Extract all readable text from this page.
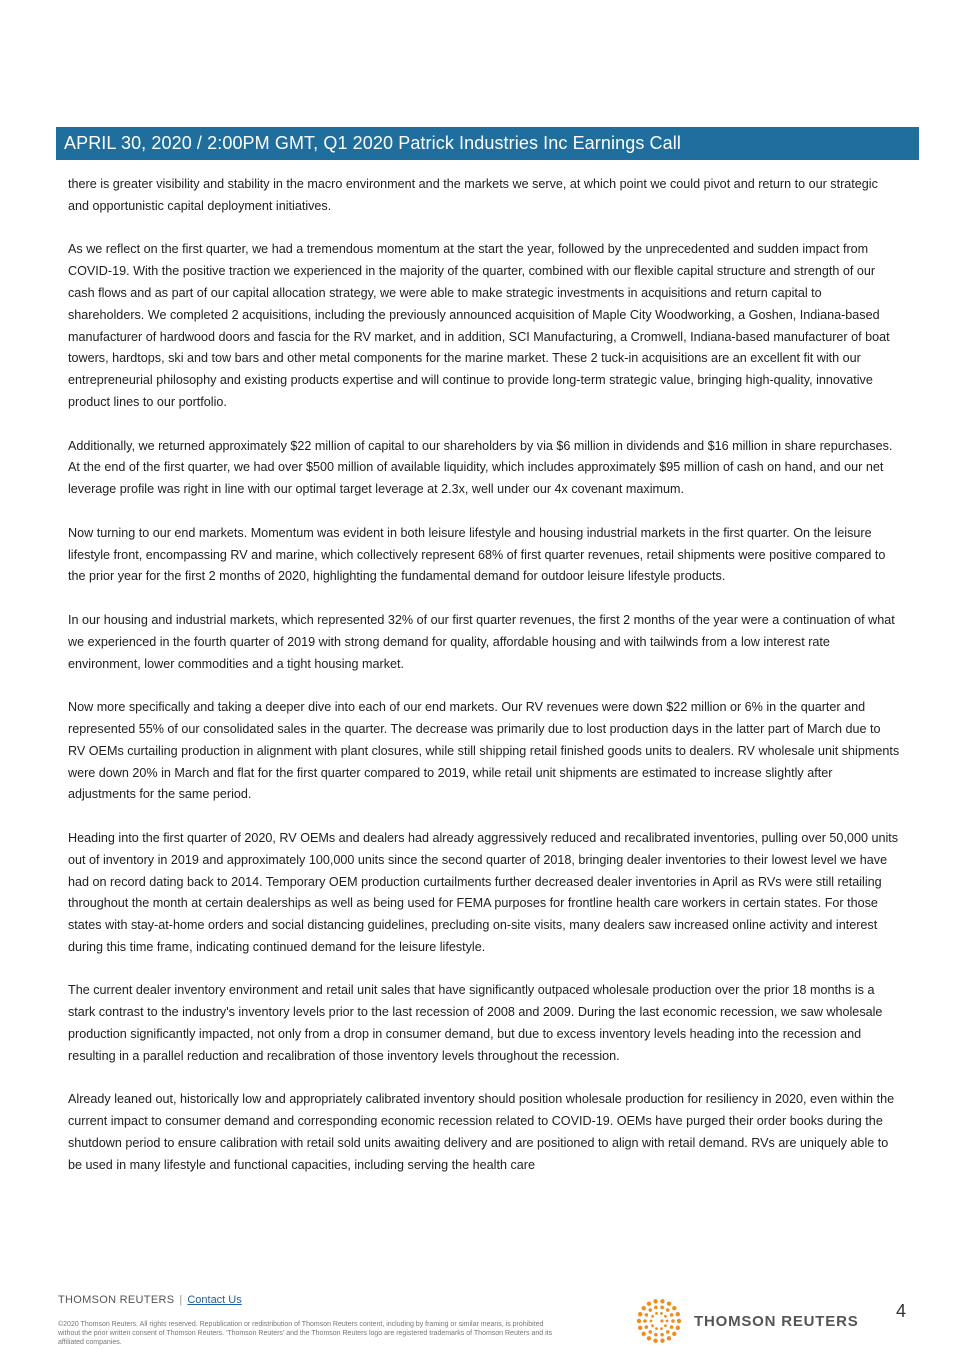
APRIL 30, 2020 / 2:00PM GMT, Q1 2020 Patrick Industries Inc Earnings Call

there is greater visibility and stability in the macro environment and the markets we serve, at which point we could pivot and return to our strategic and opportunistic capital deployment initiatives.

As we reflect on the first quarter, we had a tremendous momentum at the start the year, followed by the unprecedented and sudden impact from COVID-19. With the positive traction we experienced in the majority of the quarter, combined with our flexible capital structure and strength of our cash flows and as part of our capital allocation strategy, we were able to make strategic investments in acquisitions and return capital to shareholders. We completed 2 acquisitions, including the previously announced acquisition of Maple City Woodworking, a Goshen, Indiana-based manufacturer of hardwood doors and fascia for the RV market, and in addition, SCI Manufacturing, a Cromwell, Indiana-based manufacturer of boat towers, hardtops, ski and tow bars and other metal components for the marine market. These 2 tuck-in acquisitions are an excellent fit with our entrepreneurial philosophy and existing products expertise and will continue to provide long-term strategic value, bringing high-quality, innovative product lines to our portfolio.

Additionally, we returned approximately $22 million of capital to our shareholders by via $6 million in dividends and $16 million in share repurchases. At the end of the first quarter, we had over $500 million of available liquidity, which includes approximately $95 million of cash on hand, and our net leverage profile was right in line with our optimal target leverage at 2.3x, well under our 4x covenant maximum.

Now turning to our end markets. Momentum was evident in both leisure lifestyle and housing industrial markets in the first quarter. On the leisure lifestyle front, encompassing RV and marine, which collectively represent 68% of first quarter revenues, retail shipments were positive compared to the prior year for the first 2 months of 2020, highlighting the fundamental demand for outdoor leisure lifestyle products.

In our housing and industrial markets, which represented 32% of our first quarter revenues, the first 2 months of the year were a continuation of what we experienced in the fourth quarter of 2019 with strong demand for quality, affordable housing and with tailwinds from a low interest rate environment, lower commodities and a tight housing market.

Now more specifically and taking a deeper dive into each of our end markets. Our RV revenues were down $22 million or 6% in the quarter and represented 55% of our consolidated sales in the quarter. The decrease was primarily due to lost production days in the latter part of March due to RV OEMs curtailing production in alignment with plant closures, while still shipping retail finished goods units to dealers. RV wholesale unit shipments were down 20% in March and flat for the first quarter compared to 2019, while retail unit shipments are estimated to increase slightly after adjustments for the same period.

Heading into the first quarter of 2020, RV OEMs and dealers had already aggressively reduced and recalibrated inventories, pulling over 50,000 units out of inventory in 2019 and approximately 100,000 units since the second quarter of 2018, bringing dealer inventories to their lowest level we have had on record dating back to 2014. Temporary OEM production curtailments further decreased dealer inventories in April as RVs were still retailing throughout the month at certain dealerships as well as being used for FEMA purposes for frontline health care workers in certain states. For those states with stay-at-home orders and social distancing guidelines, precluding on-site visits, many dealers saw increased online activity and interest during this time frame, indicating continued demand for the leisure lifestyle.

The current dealer inventory environment and retail unit sales that have significantly outpaced wholesale production over the prior 18 months is a stark contrast to the industry's inventory levels prior to the last recession of 2008 and 2009. During the last economic recession, we saw wholesale production significantly impacted, not only from a drop in consumer demand, but due to excess inventory levels heading into the recession and resulting in a parallel reduction and recalibration of those inventory levels throughout the recession.

Already leaned out, historically low and appropriately calibrated inventory should position wholesale production for resiliency in 2020, even within the current impact to consumer demand and corresponding economic recession related to COVID-19. OEMs have purged their order books during the shutdown period to ensure calibration with retail sold units awaiting delivery and are positioned to align with retail demand. RVs are uniquely able to be used in many lifestyle and functional capacities, including serving the health care

THOMSON REUTERS | Contact Us
©2020 Thomson Reuters. All rights reserved. Republication or redistribution of Thomson Reuters content, including by framing or similar means, is prohibited without the prior written consent of Thomson Reuters. 'Thomson Reuters' and the Thomson Reuters logo are registered trademarks of Thomson Reuters and its affiliated companies.
THOMSON REUTERS 4
